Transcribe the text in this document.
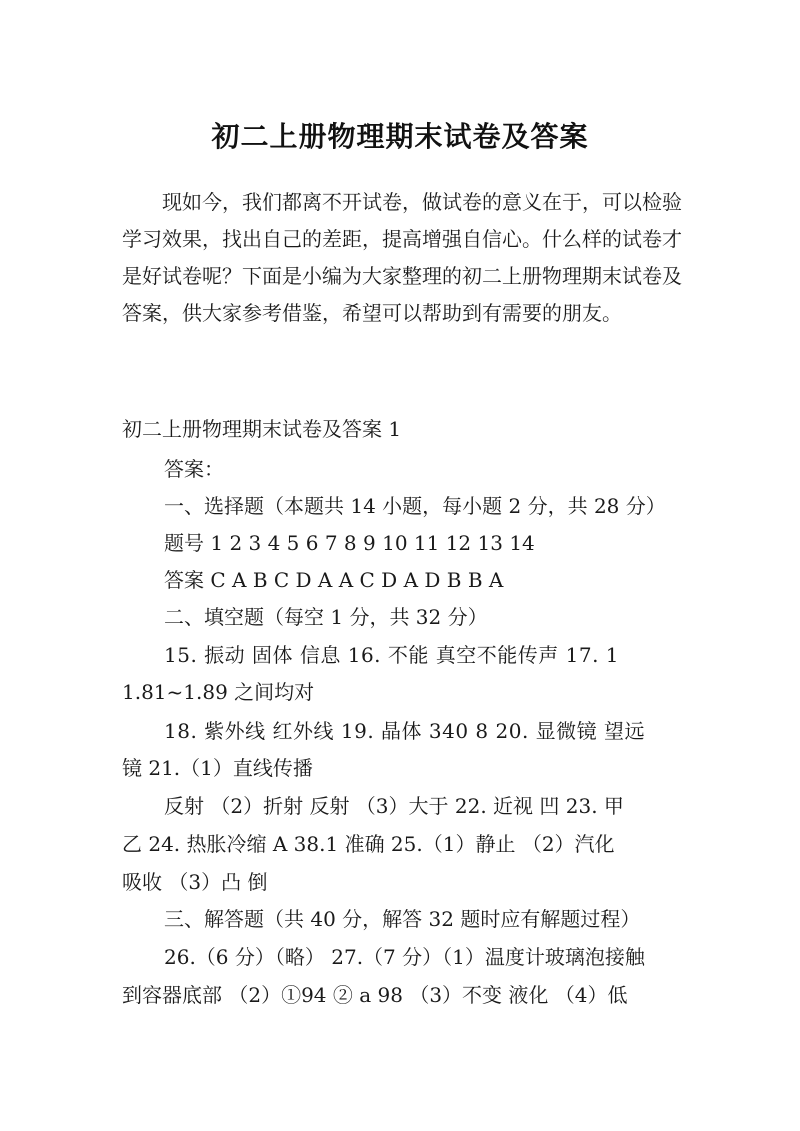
初二上册物理期末试卷及答案

现如今，我们都离不开试卷，做试卷的意义在于，可以检验学习效果，找出自己的差距，提高增强自信心。什么样的试卷才是好试卷呢？下面是小编为大家整理的初二上册物理期末试卷及答案，供大家参考借鉴，希望可以帮助到有需要的朋友。

初二上册物理期末试卷及答案 1

答案：

一、选择题（本题共 14 小题，每小题 2 分，共 28 分）

题号 1 2 3 4 5 6 7 8 9 10 11 12 13 14

答案 C A B C D A A C D A D B B A

二、填空题（每空 1 分，共 32 分）

15. 振动 固体 信息 16. 不能 真空不能传声 17. 1

1.81~1.89 之间均对

18. 紫外线 红外线 19. 晶体 340 8 20. 显微镜 望远

镜 21.（1）直线传播

反射 （2）折射 反射 （3）大于 22. 近视 凹 23. 甲

乙 24. 热胀冷缩 A 38.1 准确 25.（1）静止 （2）汽化

吸收 （3）凸 倒

三、解答题（共 40 分，解答 32 题时应有解题过程）

26.（6 分）（略） 27.（7 分）（1）温度计玻璃泡接触

到容器底部 （2）①94 ② a 98 （3）不变 液化 （4）低
